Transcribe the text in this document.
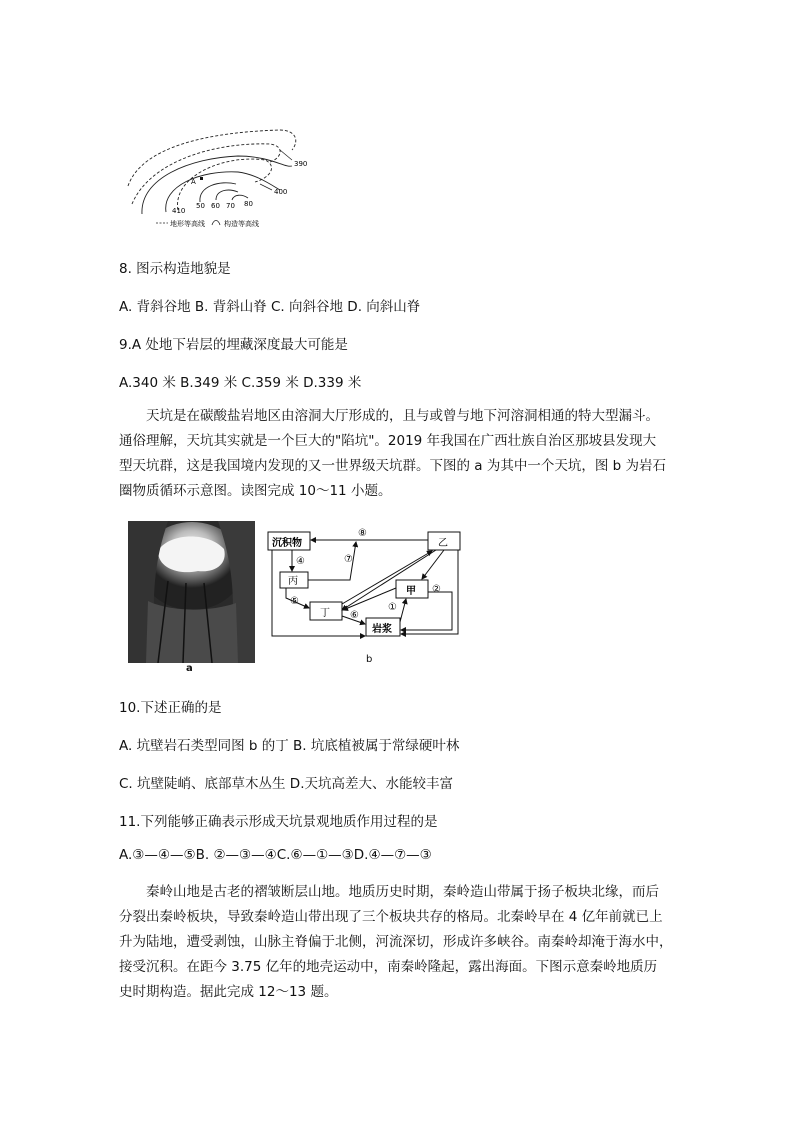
A
390
400
410
50 60 70 80
地形等高线	构造等高线
8. 图示构造地貌是
A. 背斜谷地 B. 背斜山脊 C. 向斜谷地 D. 向斜山脊
9.A 处地下岩层的埋藏深度最大可能是
A.340 米 B.349 米 C.359 米 D.339 米

天坑是在碳酸盐岩地区由溶洞大厅形成的，且与或曾与地下河溶洞相通的特大型漏斗。

通俗理解，天坑其实就是一个巨大的"陷坑"。2019 年我国在广西壮族自治区那坡县发现大

型天坑群，这是我国境内发现的又一世界级天坑群。下图的 a 为其中一个天坑，图 b 为岩石

圈物质循环示意图。读图完成 10～11 小题。

a
沉积物	乙
丙
甲
丁
岩浆
⑧
④	⑦
⑤
⑥
①
②
b
10.下述正确的是
A. 坑壁岩石类型同图 b 的丁 B. 坑底植被属于常绿硬叶林
C. 坑壁陡峭、底部草木丛生 D.天坑高差大、水能较丰富
11.下列能够正确表示形成天坑景观地质作用过程的是
A.③—④—⑤B. ②—③—④C.⑥—①—③D.④—⑦—③

秦岭山地是古老的褶皱断层山地。地质历史时期，秦岭造山带属于扬子板块北缘，而后

分裂出秦岭板块，导致秦岭造山带出现了三个板块共存的格局。北秦岭早在 4 亿年前就已上

升为陆地，遭受剥蚀，山脉主脊偏于北侧，河流深切，形成许多峡谷。南秦岭却淹于海水中，

接受沉积。在距今 3.75 亿年的地壳运动中，南秦岭隆起，露出海面。下图示意秦岭地质历

史时期构造。据此完成 12～13 题。
